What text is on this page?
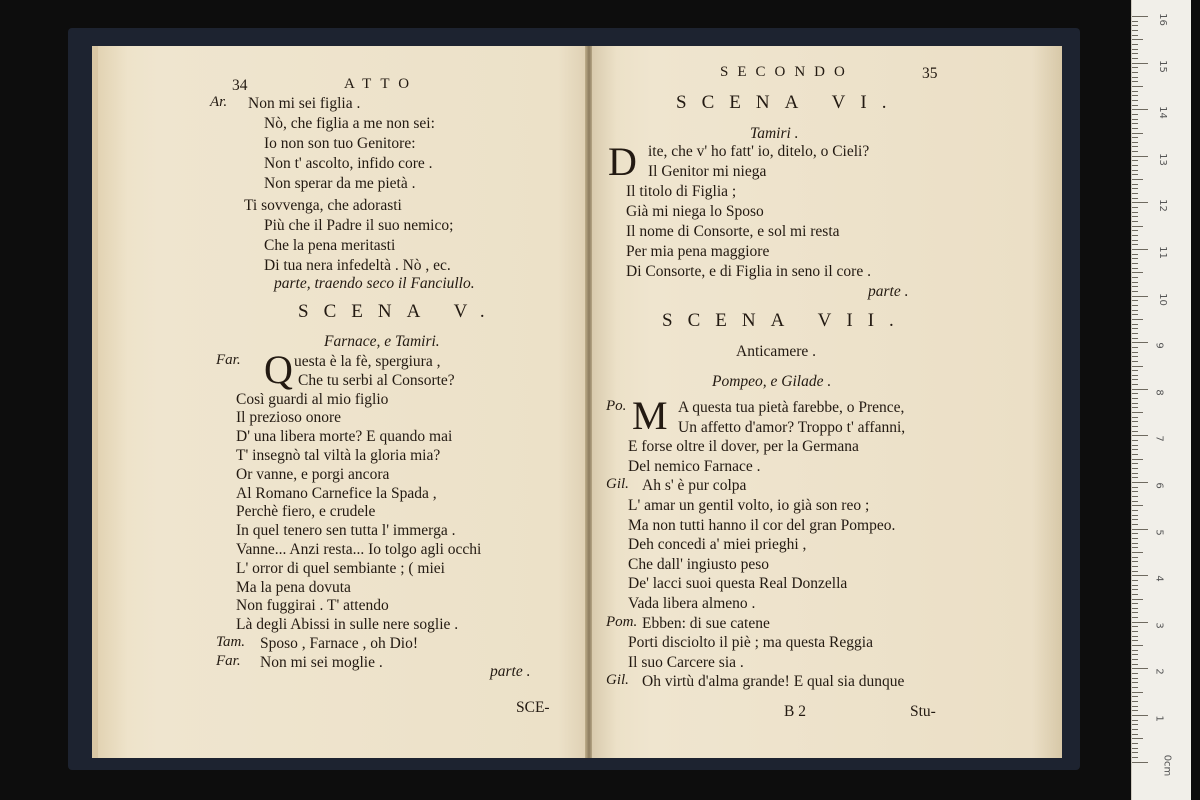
34	ATTO
Ar. Non mi sei figlia .
Nò, che figlia a me non sei:
Io non son tuo Genitore:
Non t' ascolto, infido core .
Non sperar da me pietà .
Ti sovvenga, che adorasti
Più che il Padre il suo nemico;
Che la pena meritasti
Di tua nera infedeltà . Nò , ec.
parte, traendo seco il Fanciullo.
SCENA V.
Farnace, e Tamiri.
Q
Far.	uesta è la fè, spergiura ,
Che tu serbi al Consorte?
Così guardi al mio figlio
Il prezioso onore
D' una libera morte? E quando mai
T' insegnò tal viltà la gloria mia?
Or vanne, e porgi ancora
Al Romano Carnefice la Spada ,
Perchè fiero, e crudele
In quel tenero sen tutta l' immerga .
Vanne... Anzi resta... Io tolgo agli occhi
L' orror di quel sembiante ; ( miei
Ma la pena dovuta
Non fuggirai . T' attendo
Là degli Abissi in sulle nere soglie .
Tam. Sposo , Farnace , oh Dio!
Far. Non mi sei moglie .
parte .
SCE-
SECONDO	35
SCENA VI.
Tamiri .
D ite, che v' ho fatt' io, ditelo, o Cieli?
Il Genitor mi niega
Il titolo di Figlia ;
Già mi niega lo Sposo
Il nome di Consorte, e sol mi resta
Per mia pena maggiore
Di Consorte, e di Figlia in seno il core .
parte .
SCENA VII.
Anticamere .
Pompeo, e Gilade .
M
Po.	A questa tua pietà farebbe, o Prence,
Un affetto d'amor? Troppo t' affanni,
E forse oltre il dover, per la Germana
Del nemico Farnace .
Gil. Ah s' è pur colpa
L' amar un gentil volto, io già son reo ;
Ma non tutti hanno il cor del gran Pompeo.
Deh concedi a' miei prieghi ,
Che dall' ingiusto peso
De' lacci suoi questa Real Donzella
Vada libera almeno .
Pom. Ebben: di sue catene
Porti disciolto il piè ; ma questa Reggia
Il suo Carcere sia .
Gil. Oh virtù d'alma grande! E qual sia dunque
B 2	Stu-
16
15
14
13
12
11
10
9
8
7
6
5
4
3
2
1
0cm
